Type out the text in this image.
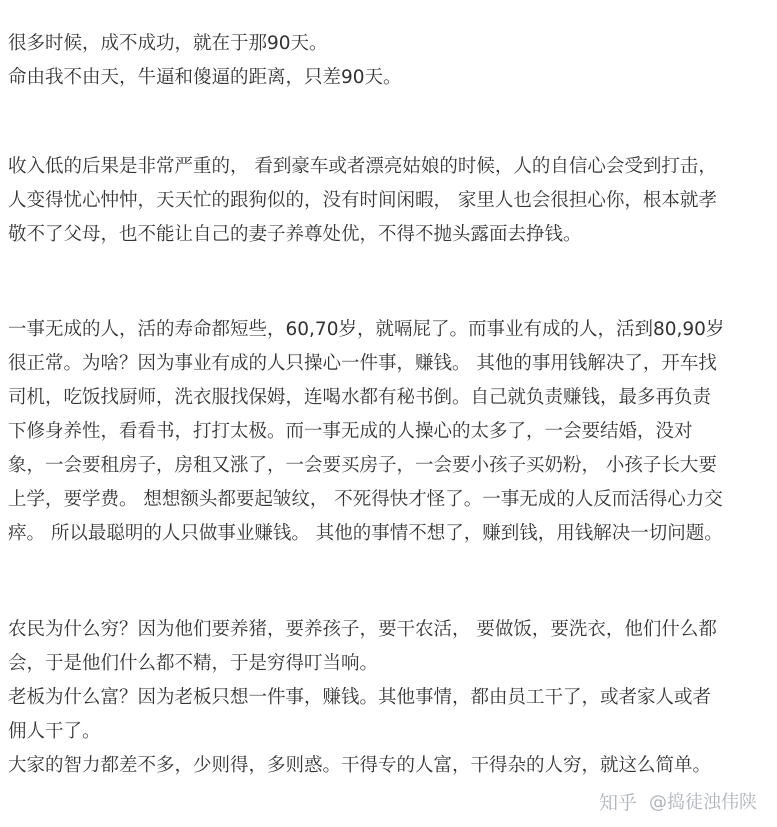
很多时候，成不成功，就在于那90天。
命由我不由天，牛逼和傻逼的距离，只差90天。
收入低的后果是非常严重的， 看到豪车或者漂亮姑娘的时候，人的自信心会受到打击，
人变得忧心忡忡，天天忙的跟狗似的，没有时间闲暇， 家里人也会很担心你，根本就孝
敬不了父母，也不能让自己的妻子养尊处优，不得不抛头露面去挣钱。
一事无成的人，活的寿命都短些，60,70岁，就嗝屁了。而事业有成的人，活到80,90岁
很正常。为啥？因为事业有成的人只操心一件事，赚钱。 其他的事用钱解决了，开车找
司机，吃饭找厨师，洗衣服找保姆，连喝水都有秘书倒。自己就负责赚钱，最多再负责
下修身养性，看看书，打打太极。而一事无成的人操心的太多了，一会要结婚，没对
象，一会要租房子，房租又涨了，一会要买房子，一会要小孩子买奶粉， 小孩子长大要
上学，要学费。 想想额头都要起皱纹， 不死得快才怪了。一事无成的人反而活得心力交
瘁。 所以最聪明的人只做事业赚钱。 其他的事情不想了，赚到钱，用钱解决一切问题。
农民为什么穷？因为他们要养猪，要养孩子，要干农活， 要做饭，要洗衣，他们什么都
会，于是他们什么都不精，于是穷得叮当响。
老板为什么富？因为老板只想一件事，赚钱。其他事情，都由员工干了，或者家人或者
佣人干了。
大家的智力都差不多，少则得，多则惑。干得专的人富，干得杂的人穷，就这么简单。
知乎 @捣徒浊伟陕
